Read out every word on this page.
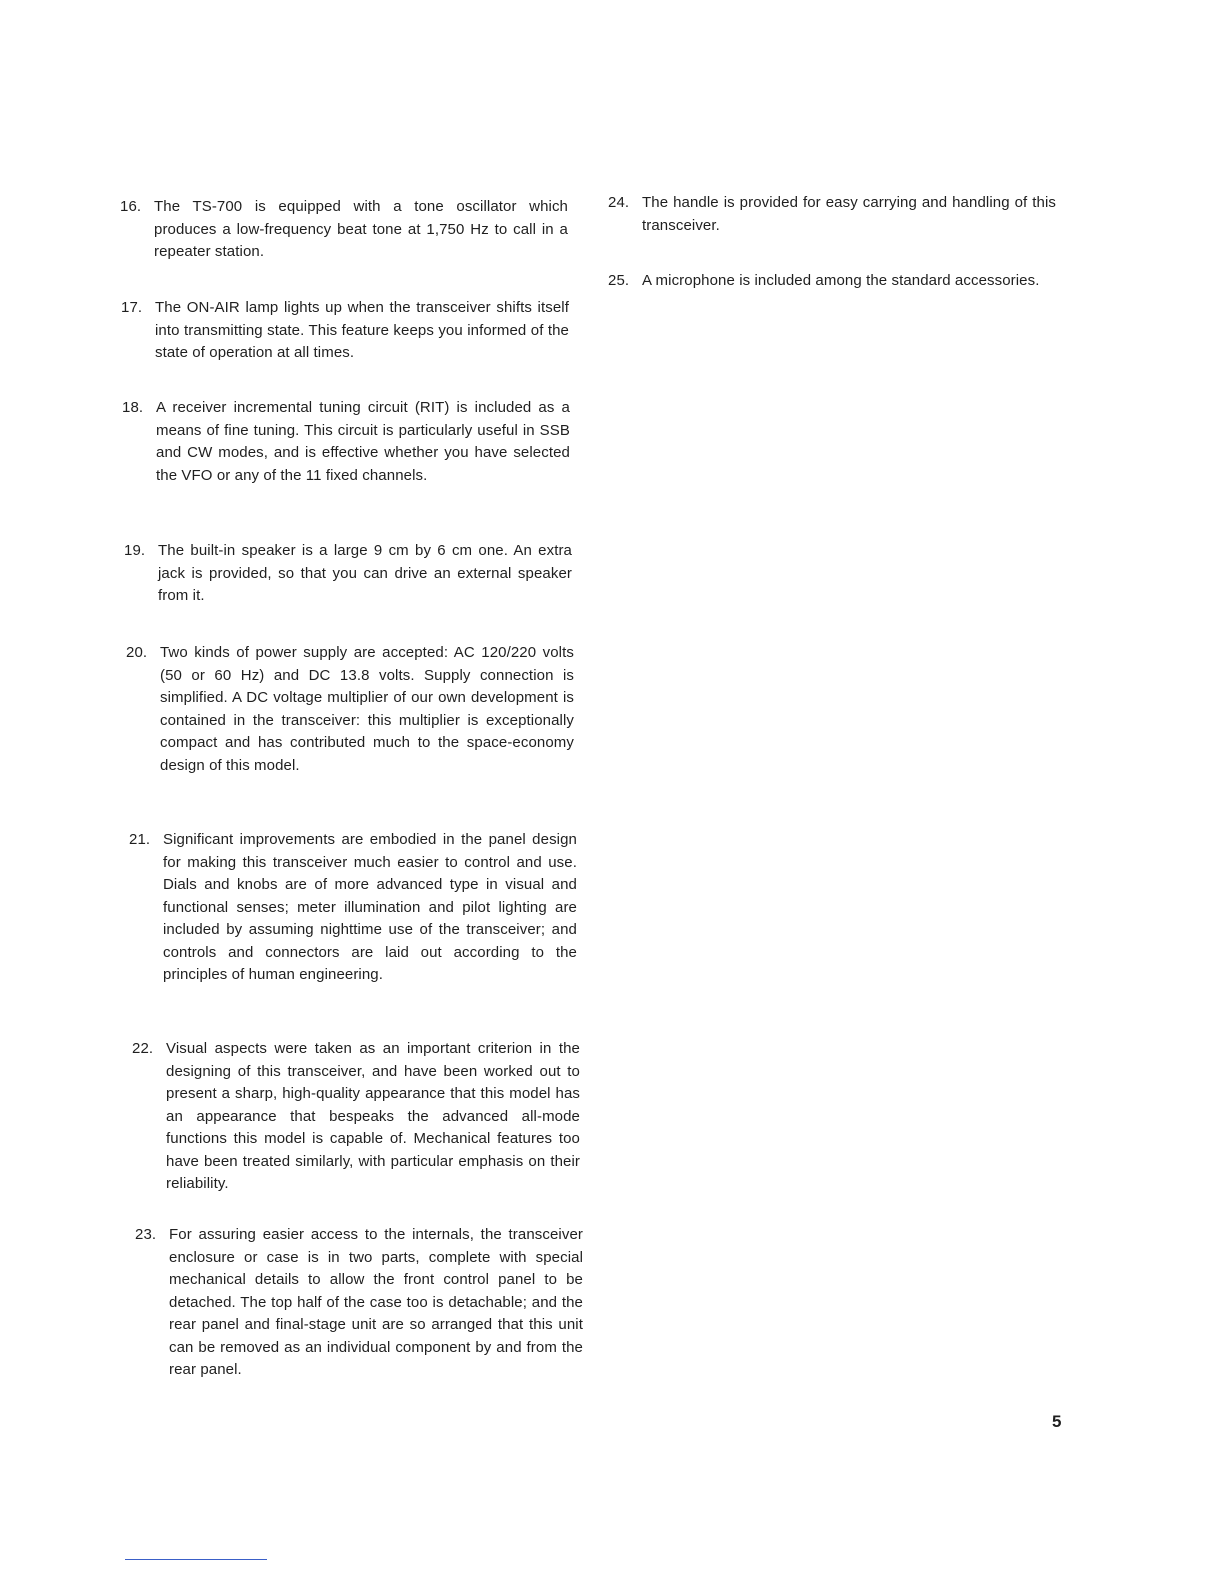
16. The TS-700 is equipped with a tone oscillator which produces a low-frequency beat tone at 1,750 Hz to call in a repeater station.
17. The ON-AIR lamp lights up when the transceiver shifts itself into transmitting state. This feature keeps you informed of the state of operation at all times.
18. A receiver incremental tuning circuit (RIT) is included as a means of fine tuning. This circuit is particularly useful in SSB and CW modes, and is effective whether you have selected the VFO or any of the 11 fixed channels.
19. The built-in speaker is a large 9 cm by 6 cm one. An extra jack is provided, so that you can drive an external speaker from it.
20. Two kinds of power supply are accepted: AC 120/220 volts (50 or 60 Hz) and DC 13.8 volts. Supply connection is simplified. A DC voltage multiplier of our own development is contained in the transceiver: this multiplier is exceptionally compact and has contributed much to the space-economy design of this model.
21. Significant improvements are embodied in the panel design for making this transceiver much easier to control and use. Dials and knobs are of more advanced type in visual and functional senses; meter illumination and pilot lighting are included by assuming nighttime use of the transceiver; and controls and connectors are laid out according to the principles of human engineering.
22. Visual aspects were taken as an important criterion in the designing of this transceiver, and have been worked out to present a sharp, high-quality appearance that this model has an appearance that bespeaks the advanced all-mode functions this model is capable of. Mechanical features too have been treated similarly, with particular emphasis on their reliability.
23. For assuring easier access to the internals, the transceiver enclosure or case is in two parts, complete with special mechanical details to allow the front control panel to be detached. The top half of the case too is detachable; and the rear panel and final-stage unit are so arranged that this unit can be removed as an individual component by and from the rear panel.
24. The handle is provided for easy carrying and handling of this transceiver.
25. A microphone is included among the standard accessories.
5
